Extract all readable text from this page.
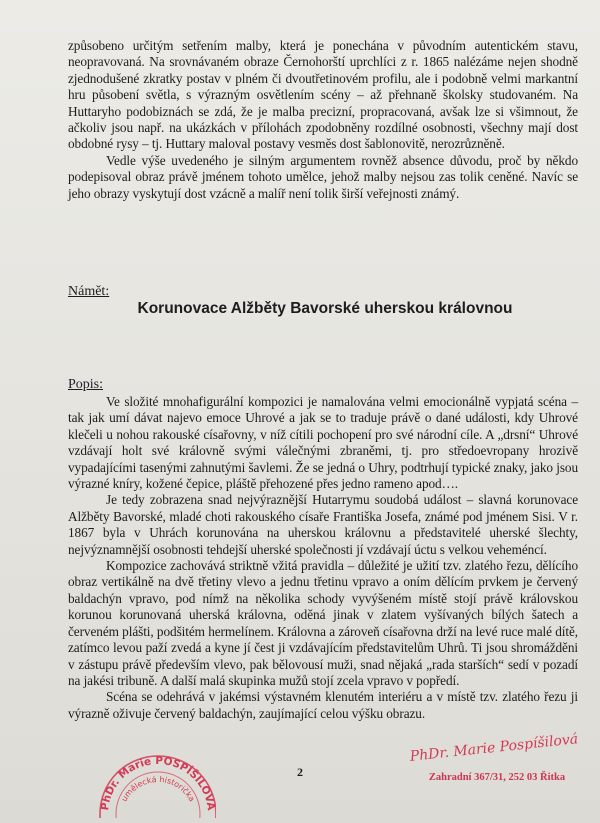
způsobeno určitým setřením malby, která je ponechána v původním autentickém stavu, neopravovaná. Na srovnávaném obraze Černohorští uprchlíci z r. 1865 nalézáme nejen shodně zjednodušené zkratky postav v plném či dvoutřetinovém profilu, ale i podobně velmi markantní hru působení světla, s výrazným osvětlením scény – až přehnaně školsky studovaném. Na Huttaryho podobiznách se zdá, že je malba precizní, propracovaná, avšak lze si všimnout, že ačkoliv jsou např. na ukázkách v přílohách zpodobněny rozdílné osobnosti, všechny mají dost obdobné rysy – tj. Huttary maloval postavy vesměs dost šablonovitě, nerozrůzněně.

Vedle výše uvedeného je silným argumentem rovněž absence důvodu, proč by někdo podepisoval obraz právě jménem tohoto umělce, jehož malby nejsou zas tolik ceněné. Navíc se jeho obrazy vyskytují dost vzácně a malíř není tolik širší veřejnosti známý.

Námět:
Korunovace Alžběty Bavorské uherskou královnou
Popis:

Ve složité mnohafigurální kompozici je namalována velmi emocionálně vypjatá scéna – tak jak umí dávat najevo emoce Uhrové a jak se to traduje právě o dané události, kdy Uhrové klečeli u nohou rakouské císařovny, v níž cítili pochopení pro své národní cíle. A „drsní“ Uhrové vzdávají holt své královně svými válečnými zbraněmi, tj. pro středoevropany hrozivě vypadajícími tasenými zahnutými šavlemi. Že se jedná o Uhry, podtrhují typické znaky, jako jsou výrazné kníry, kožené čepice, pláště přehozené přes jedno rameno apod….

Je tedy zobrazena snad nejvýraznější Hutarrymu soudobá událost – slavná korunovace Alžběty Bavorské, mladé choti rakouského císaře Františka Josefa, známé pod jménem Sisi. V r. 1867 byla v Uhrách korunována na uherskou královnu a představitelé uherské šlechty, nejvýznamnější osobnosti tehdejší uherské společnosti jí vzdávají úctu s velkou veheméncí.

Kompozice zachovává striktně vžitá pravidla – důležité je užití tzv. zlatého řezu, dělícího obraz vertikálně na dvě třetiny vlevo a jednu třetinu vpravo a oním dělícím prvkem je červený baldachýn vpravo, pod nímž na několika schody vyvýšeném místě stojí právě královskou korunou korunovaná uherská královna, oděná jinak v zlatem vyšívaných bílých šatech a červeném plášti, podšitém hermelínem. Královna a zároveň císařovna drží na levé ruce malé dítě, zatímco levou paží zvedá a kyne jí čest ji vzdávajícím představitelům Uhrů. Ti jsou shromážděni v zástupu právě především vlevo, pak bělovousí muži, snad nějaká „rada starších“ sedí v pozadí na jakési tribuně. A další malá skupinka mužů stojí zcela vpravo v popředí.

Scéna se odehrává v jakémsi výstavném klenutém interiéru a v místě tzv. zlatého řezu ji výrazně oživuje červený baldachýn, zaujímající celou výšku obrazu.

2
PhDr. Marie POSPÍŠILOVÁ
umělecká historička
PhDr. Marie Pospíšilová
Zahradní 367/31, 252 03 Řitka
